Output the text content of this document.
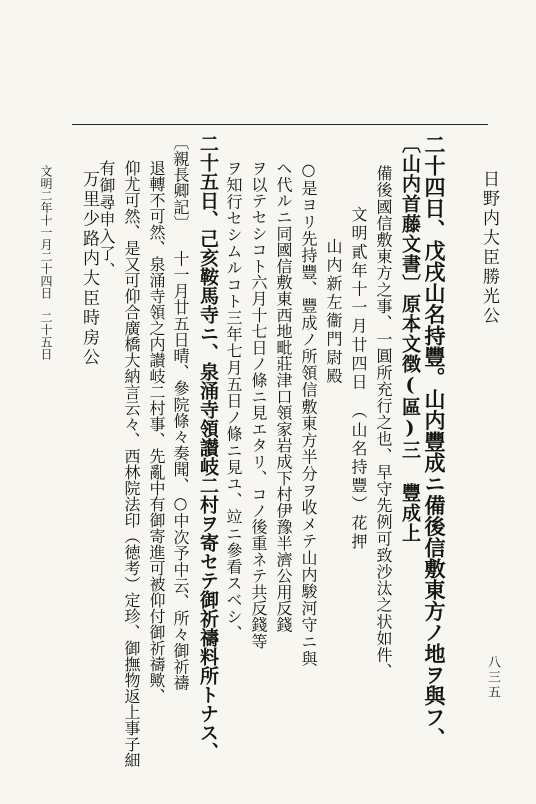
日野内大臣勝光公
万里少路内大臣時房公	二十四日、戊戌山名持豐。山内豐成ニ備後信敷東方ノ地ヲ與フ、
〔山内首藤文書〕原本文徴(區)三 豐成上
備後國信敷東方之事、一圓所充行之也、早守先例可致沙汰之状如件、
文明貳年十一月廿四日　（山名持豐）花押
山内新左衞門尉殿
○是ヨリ先持豐、豐成ノ所領信敷東方半分ヲ收メテ山内駿河守ニ與
ヘ代ルニ同國信敷東西地毗莊津口領家岩成下村伊豫半濟公用反錢
ヲ以テセシコト六月十七日ノ條ニ見エタリ、コノ後重ネテ共反錢等
ヲ知行セシムルコト三年七月五日ノ條ニ見ユ、竝ニ參看スベシ、
二十五日、己亥鞍馬寺ニ、泉涌寺領讃岐二村ヲ寄セテ御祈禱料所トナス、
〔親長卿記〕 十一月廿五日晴、參院條々奏聞、○中次予中云、所々御祈禱
退轉不可然、泉涌寺領之内讃岐二村事、先亂中有御寄進可被仰付御祈禱歟、
仰尤可然、是又可仰合廣橋大納言云々、西林院法印（徳考）定珍、御撫物返上事子細
有御尋申入了、
文明二年十一月二十四日　二十五日
八三五
